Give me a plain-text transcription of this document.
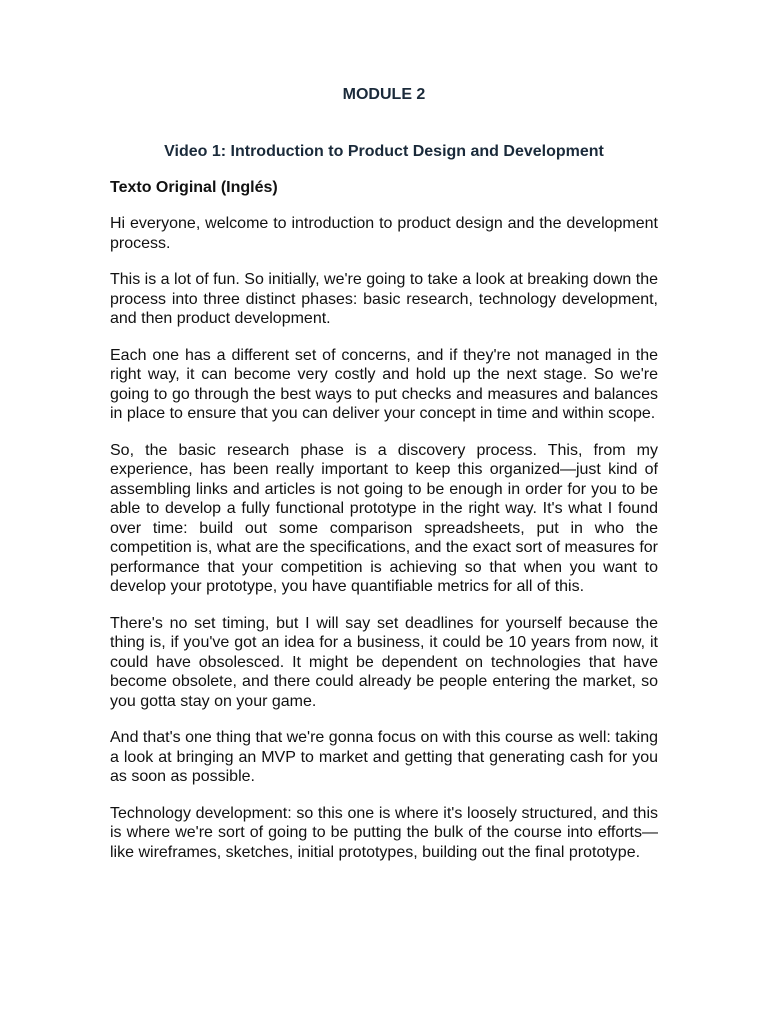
MODULE 2
Video 1: Introduction to Product Design and Development
Texto Original (Inglés)

Hi everyone, welcome to introduction to product design and the development process.

This is a lot of fun. So initially, we're going to take a look at breaking down the process into three distinct phases: basic research, technology development, and then product development.

Each one has a different set of concerns, and if they're not managed in the right way, it can become very costly and hold up the next stage. So we're going to go through the best ways to put checks and measures and balances in place to ensure that you can deliver your concept in time and within scope.

So, the basic research phase is a discovery process. This, from my experience, has been really important to keep this organized—just kind of assembling links and articles is not going to be enough in order for you to be able to develop a fully functional prototype in the right way. It's what I found over time: build out some comparison spreadsheets, put in who the competition is, what are the specifications, and the exact sort of measures for performance that your competition is achieving so that when you want to develop your prototype, you have quantifiable metrics for all of this.

There's no set timing, but I will say set deadlines for yourself because the thing is, if you've got an idea for a business, it could be 10 years from now, it could have obsolesced. It might be dependent on technologies that have become obsolete, and there could already be people entering the market, so you gotta stay on your game.

And that's one thing that we're gonna focus on with this course as well: taking a look at bringing an MVP to market and getting that generating cash for you as soon as possible.

Technology development: so this one is where it's loosely structured, and this is where we're sort of going to be putting the bulk of the course into efforts—like wireframes, sketches, initial prototypes, building out the final prototype.
